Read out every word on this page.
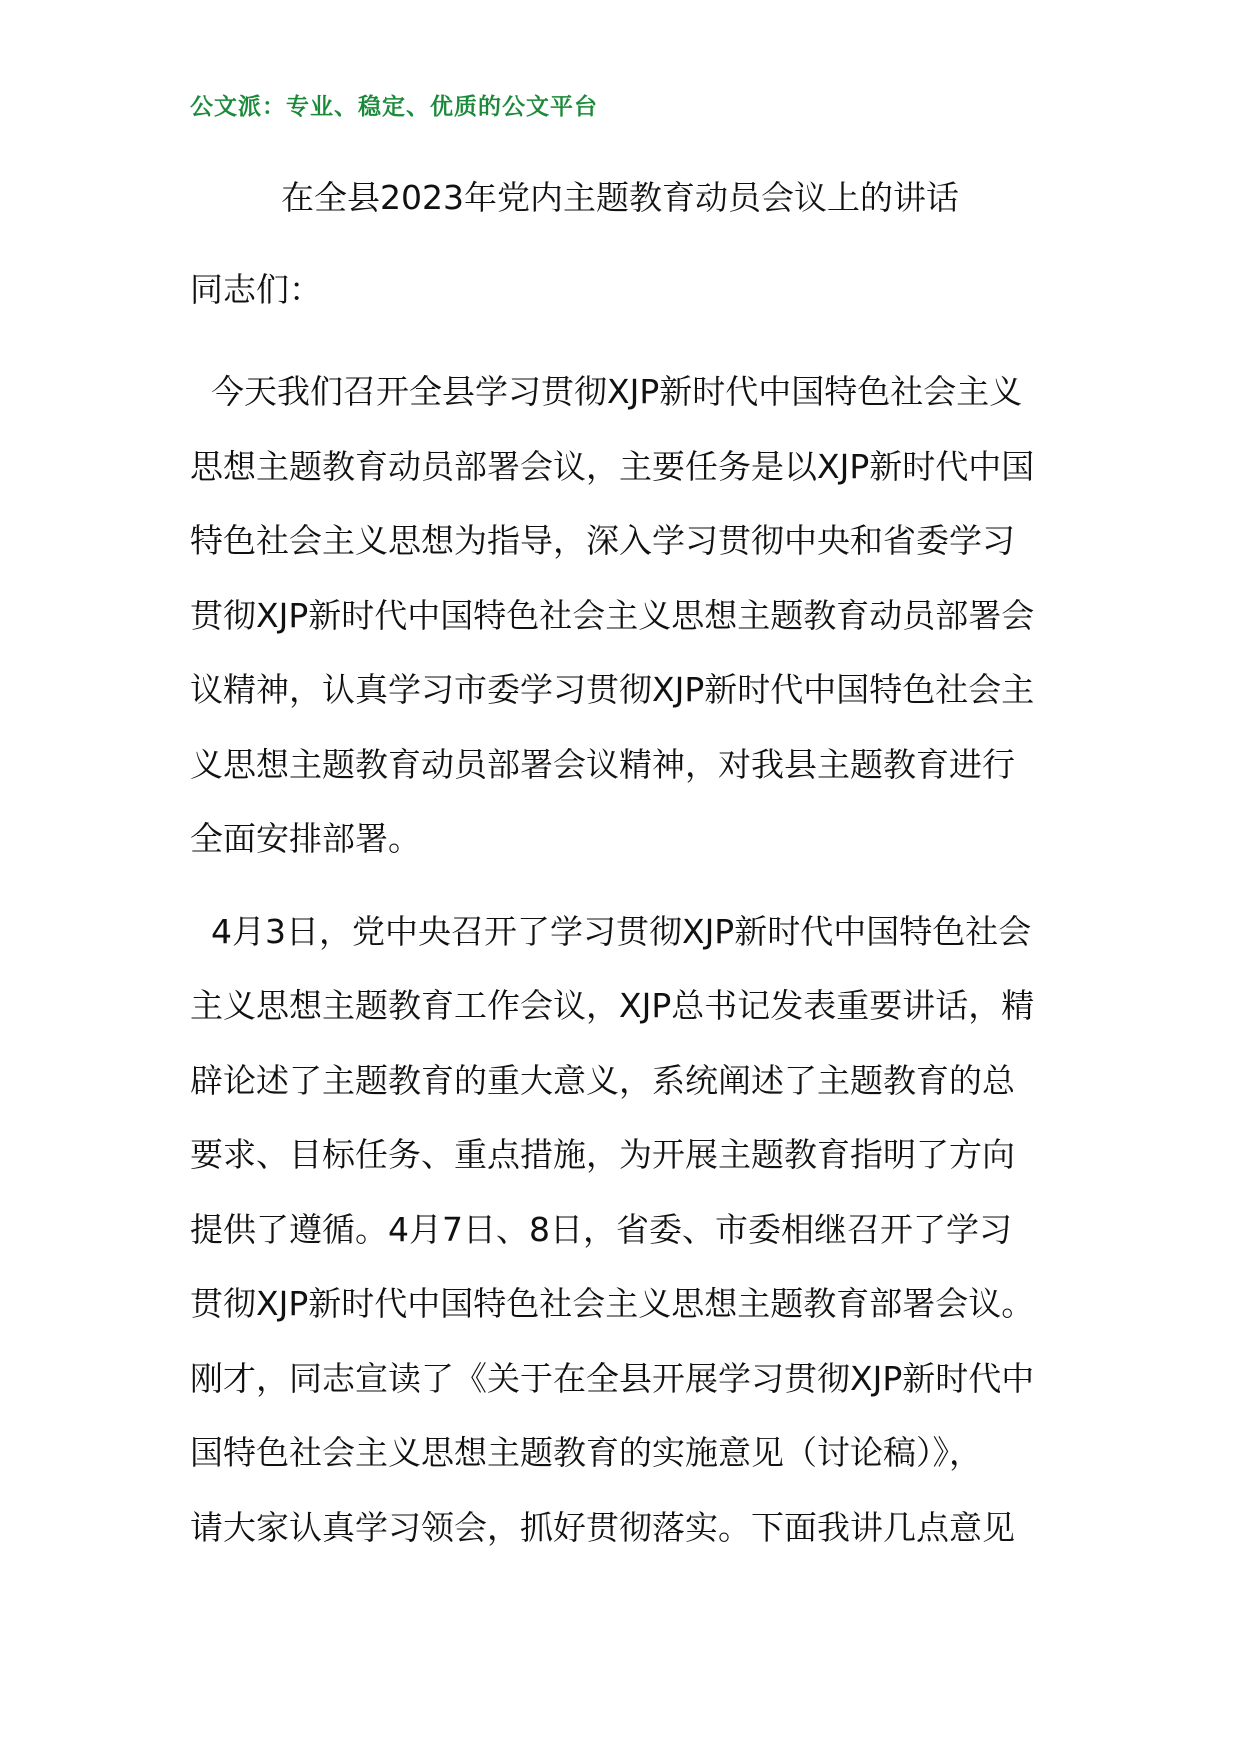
公文派：专业、稳定、优质的公文平台
在全县2023年党内主题教育动员会议上的讲话
同志们：
今天我们召开全县学习贯彻XJP新时代中国特色社会主义
思想主题教育动员部署会议，主要任务是以XJP新时代中国
特色社会主义思想为指导，深入学习贯彻中央和省委学习
贯彻XJP新时代中国特色社会主义思想主题教育动员部署会
议精神，认真学习市委学习贯彻XJP新时代中国特色社会主
义思想主题教育动员部署会议精神，对我县主题教育进行
全面安排部署。
4月3日，党中央召开了学习贯彻XJP新时代中国特色社会
主义思想主题教育工作会议，XJP总书记发表重要讲话，精
辟论述了主题教育的重大意义，系统阐述了主题教育的总
要求、目标任务、重点措施，为开展主题教育指明了方向
提供了遵循。4月7日、8日，省委、市委相继召开了学习
贯彻XJP新时代中国特色社会主义思想主题教育部署会议。
刚才，同志宣读了《关于在全县开展学习贯彻XJP新时代中
国特色社会主义思想主题教育的实施意见（讨论稿）》，
请大家认真学习领会，抓好贯彻落实。下面我讲几点意见
